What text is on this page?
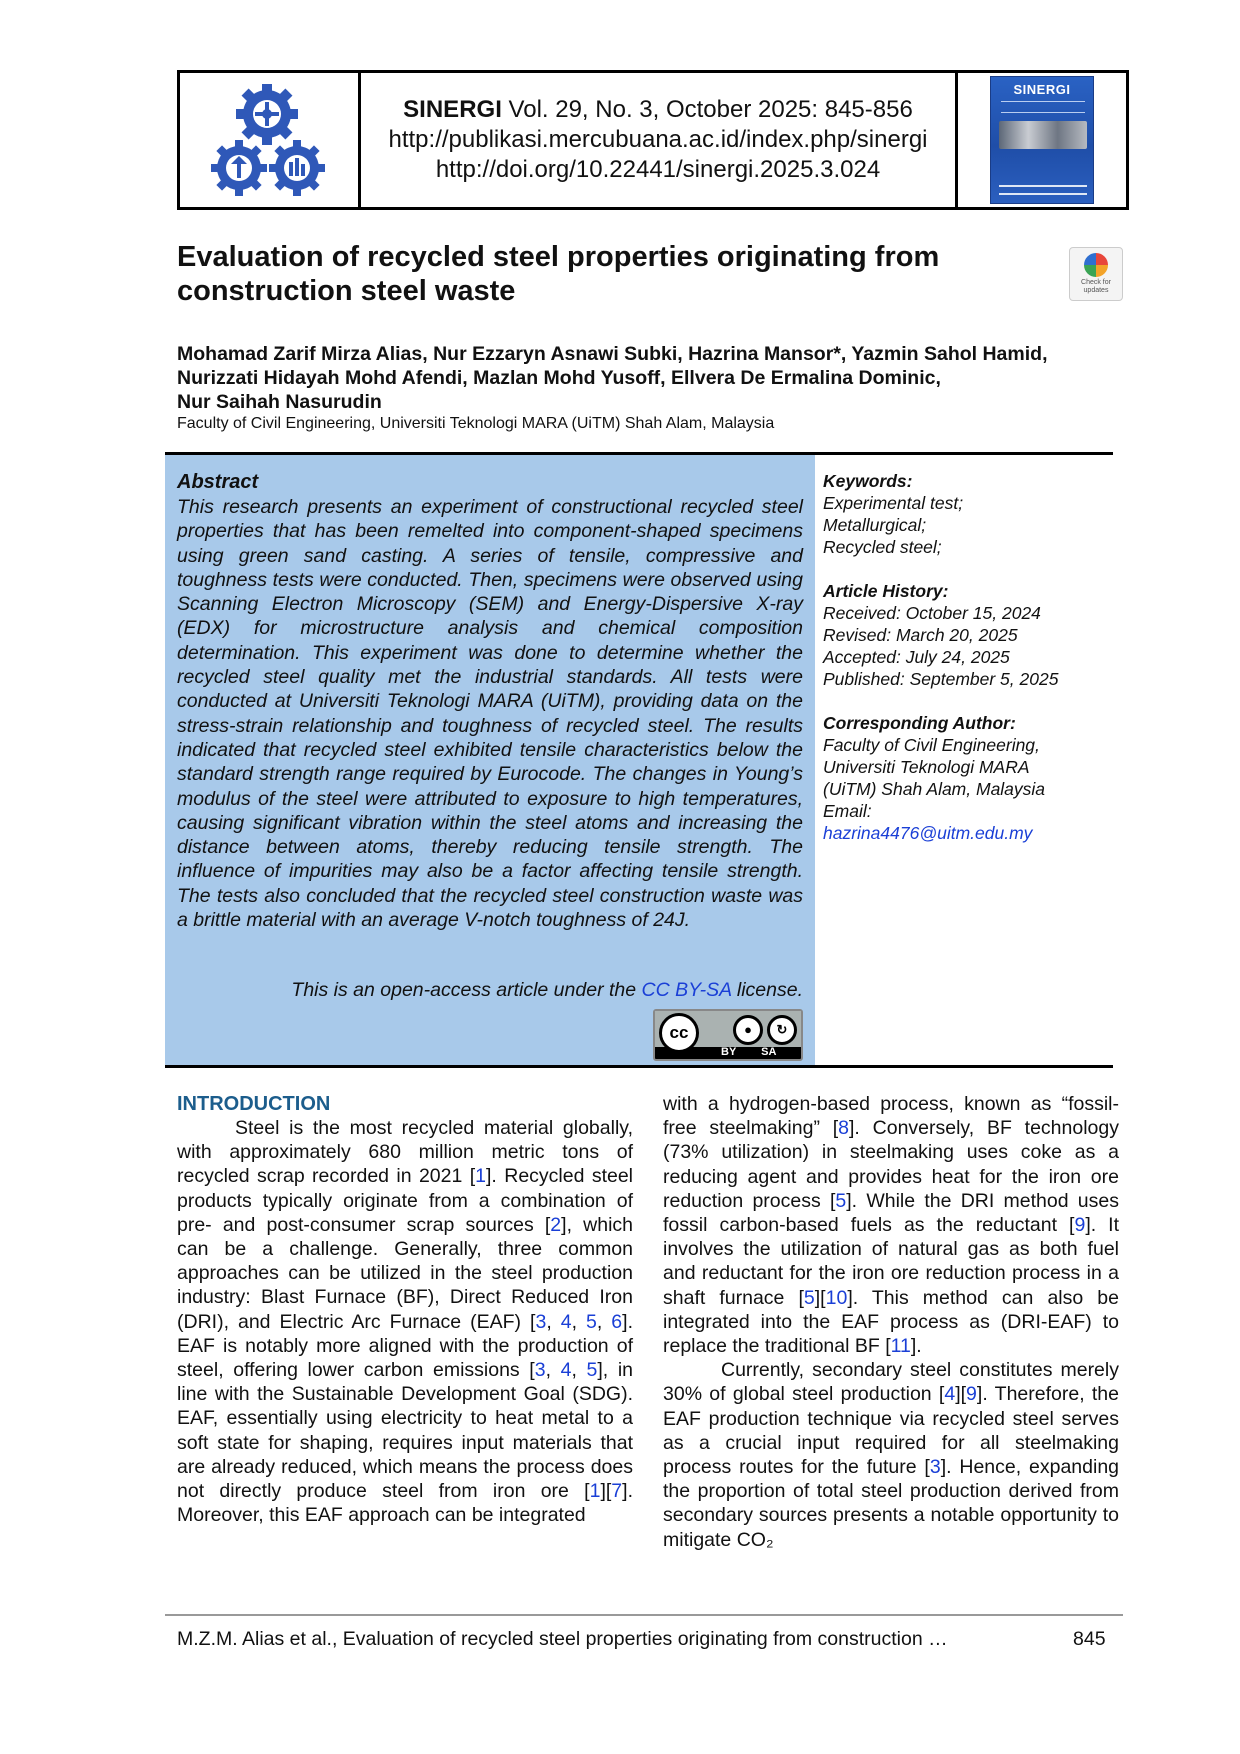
SINERGI Vol. 29, No. 3, October 2025: 845-856
http://publikasi.mercubuana.ac.id/index.php/sinergi
http://doi.org/10.22441/sinergi.2025.3.024
SINERGI
Evaluation of recycled steel properties originating from construction steel waste	Check for updates
Mohamad Zarif Mirza Alias, Nur Ezzaryn Asnawi Subki, Hazrina Mansor*, Yazmin Sahol Hamid,
Nurizzati Hidayah Mohd Afendi, Mazlan Mohd Yusoff, Ellvera De Ermalina Dominic,
Nur Saihah Nasurudin
Faculty of Civil Engineering, Universiti Teknologi MARA (UiTM) Shah Alam, Malaysia
Abstract
This research presents an experiment of constructional recycled steel properties that has been remelted into component-shaped specimens using green sand casting. A series of tensile, compressive and toughness tests were conducted. Then, specimens were observed using Scanning Electron Microscopy (SEM) and Energy-Dispersive X-ray (EDX) for microstructure analysis and chemical composition determination. This experiment was done to determine whether the recycled steel quality met the industrial standards. All tests were conducted at Universiti Teknologi MARA (UiTM), providing data on the stress-strain relationship and toughness of recycled steel. The results indicated that recycled steel exhibited tensile characteristics below the standard strength range required by Eurocode. The changes in Young’s modulus of the steel were attributed to exposure to high temperatures, causing significant vibration within the steel atoms and increasing the distance between atoms, thereby reducing tensile strength. The influence of impurities may also be a factor affecting tensile strength. The tests also concluded that the recycled steel construction waste was a brittle material with an average V-notch toughness of 24J.
This is an open-access article under the CC BY-SA license.
cc	●	↻
BY SA
Keywords:
Experimental test;
Metallurgical;
Recycled steel;
Article History:
Received: October 15, 2024
Revised: March 20, 2025
Accepted: July 24, 2025
Published: September 5, 2025
Corresponding Author:
Faculty of Civil Engineering,
Universiti Teknologi MARA
(UiTM) Shah Alam, Malaysia
Email:
hazrina4476@uitm.edu.my
INTRODUCTION

Steel is the most recycled material globally, with approximately 680 million metric tons of recycled scrap recorded in 2021 [1]. Recycled steel products typically originate from a combination of pre- and post-consumer scrap sources [2], which can be a challenge. Generally, three common approaches can be utilized in the steel production industry: Blast Furnace (BF), Direct Reduced Iron (DRI), and Electric Arc Furnace (EAF) [3, 4, 5, 6]. EAF is notably more aligned with the production of steel, offering lower carbon emissions [3, 4, 5], in line with the Sustainable Development Goal (SDG). EAF, essentially using electricity to heat metal to a soft state for shaping, requires input materials that are already reduced, which means the process does not directly produce steel from iron ore [1][7]. Moreover, this EAF approach can be integrated

with a hydrogen-based process, known as “fossil-free steelmaking” [8]. Conversely, BF technology (73% utilization) in steelmaking uses coke as a reducing agent and provides heat for the iron ore reduction process [5]. While the DRI method uses fossil carbon-based fuels as the reductant [9]. It involves the utilization of natural gas as both fuel and reductant for the iron ore reduction process in a shaft furnace [5][10]. This method can also be integrated into the EAF process as (DRI-EAF) to replace the traditional BF [11].

Currently, secondary steel constitutes merely 30% of global steel production [4][9]. Therefore, the EAF production technique via recycled steel serves as a crucial input required for all steelmaking process routes for the future [3]. Hence, expanding the proportion of total steel production derived from secondary sources presents a notable opportunity to mitigate CO₂

M.Z.M. Alias et al., Evaluation of recycled steel properties originating from construction …	845
